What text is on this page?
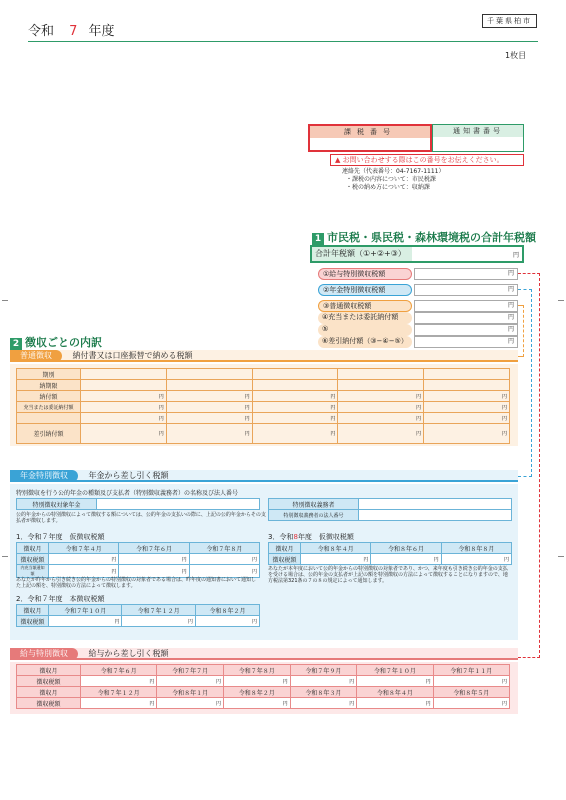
令和 7 年度
千葉県柏市
1枚目
課税番号	通知書番号
▲ お問い合わせする際はこの番号をお伝えください。
連絡先（代表番号：04-7167-1111）
・課税の内容について：市民税課
・税の納め方について：収納課
1 市民税・県民税・森林環境税の合計年税額
合計年税額（①+②+③）	円
①給与特別徴収税額	円
②年金特別徴収税額	円
③普通徴収税額	円
④充当または委託納付額	円
⑤	円
⑥差引納付額（③−④−⑤）	円
2 徴収ごとの内訳
普通徴収	納付書又は口座振替で納める税額
期別					
納期限					
納付額	円	円	円	円	円
充当または委託納付額	円	円	円	円	円
	円	円	円	円	円
差引納付額	円	円	円	円	円
年金特別徴収	年金から差し引く税額
特別徴収を行う公的年金の種類及び支払者（特別徴収義務者）の名称及び法人番号
特別徴収対象年金	
公的年金からの特別徴収によって徴収する額については、公的年金の支払いの際に、上記の公的年金からその支払者が徴収します。
特別徴収義務者	
特別徴収義務者の法人番号	
1．令和７年度　仮徴収税額
徴収月	令和７年４月	令和７年６月	令和７年８月
徴収税額	円	円	円
内充当額通知額	円	円	円
あなたが昨年から引き続き公的年金からの特別徴収の対象者である場合は、昨年度の通知書において通知した上記の額を、特別徴収の方法によって徴収します。
2．令和７年度　本徴収税額
徴収月	令和７年１０月	令和７年１２月	令和８年２月
徴収税額	円	円	円
3．令和8年度　仮徴収税額
徴収月	令和８年４月	令和８年６月	令和８年８月
徴収税額	円	円	円
あなたが本年度において公的年金からの特別徴収の対象者であり、かつ、来年度も引き続き公的年金の支払を受ける場合は、公的年金の支払者が上記の額を特別徴収の方法によって徴収することになりますので、地方税法第321条の７の８の規定によって通知します。
給与特別徴収	給与から差し引く税額
徴収月	令和７年６月	令和７年７月	令和７年８月	令和７年９月	令和７年１０月	令和７年１１月
徴収税額	円	円	円	円	円	円
徴収月	令和７年１２月	令和８年１月	令和８年２月	令和８年３月	令和８年４月	令和８年５月
徴収税額	円	円	円	円	円	円
